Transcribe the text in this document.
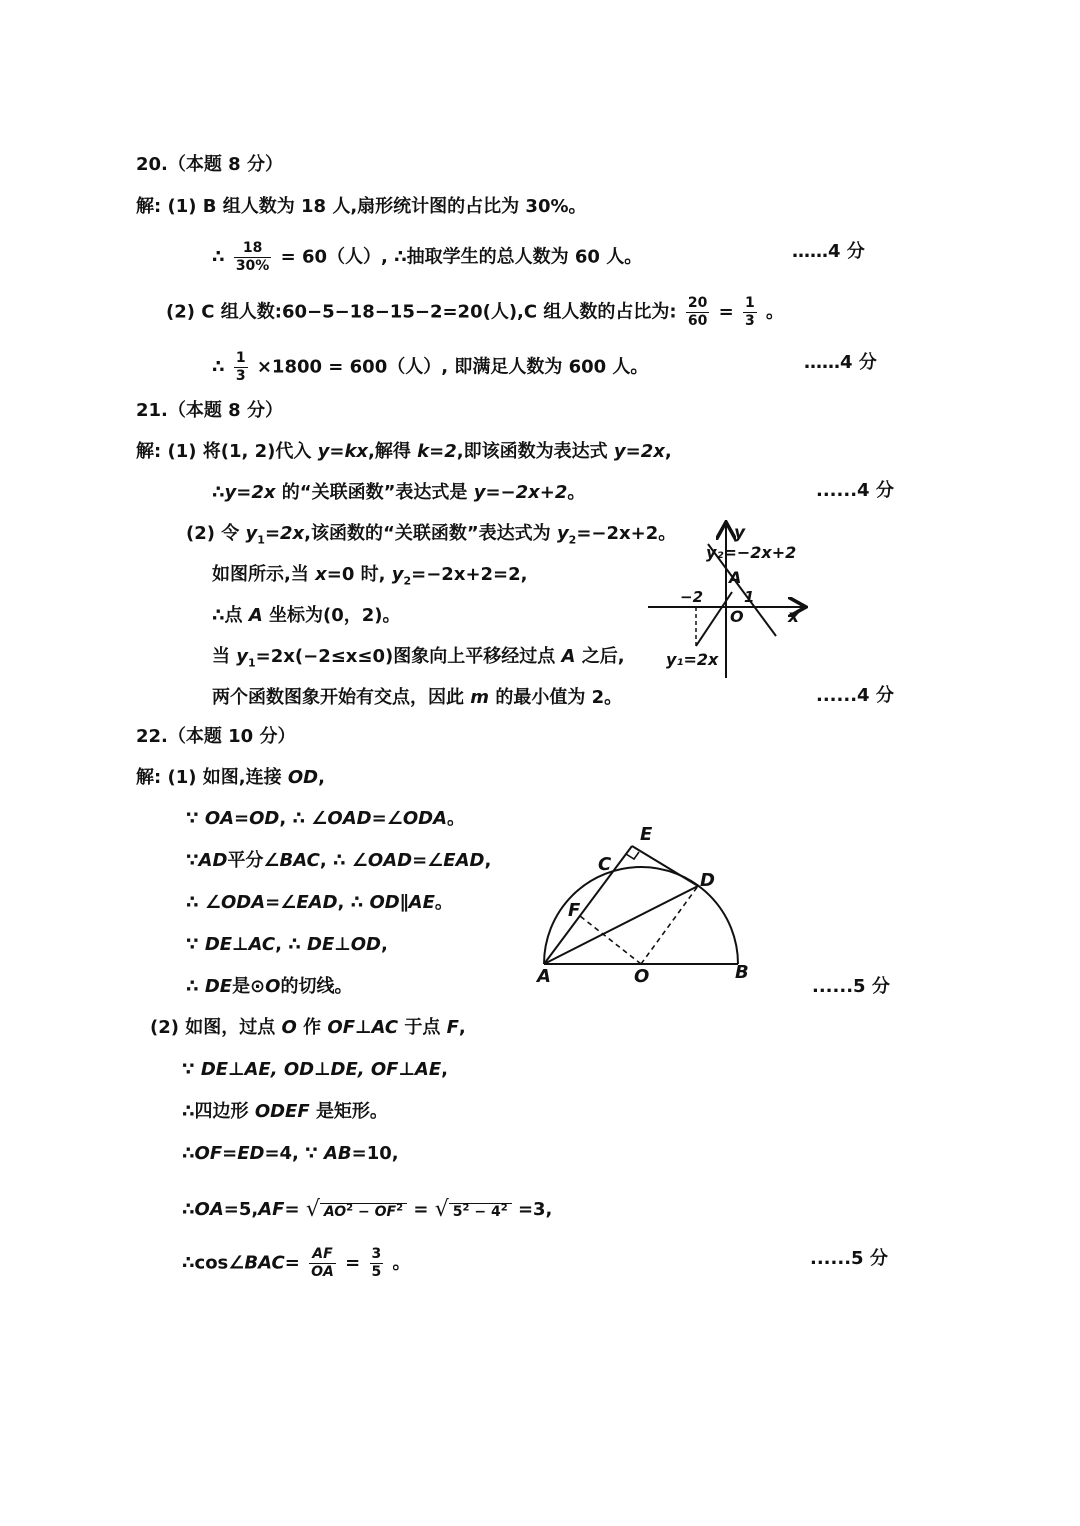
20.（本题 8 分）
解: (1) B 组人数为 18 人,扇形统计图的占比为 30%。
∴ $\frac{18}{30\%} = 60$（人）, ∴抽取学生的总人数为 60 人。	……4 分
(2) C 组人数:60−5−18−15−2=20(人),C 组人数的占比为: $\frac{20}{60} = \frac{1}{3}$ 。
∴ $\frac{1}{3} \times 1800 = 600$（人）, 即满足人数为 600 人。	……4 分
21.（本题 8 分）
解: (1) 将(1, 2)代入 y=kx,解得 k=2,即该函数为表达式 y=2x,
∴y=2x 的“关联函数”表达式是 y=−2x+2。	......4 分
(2) 令 $y_1=2x$,该函数的“关联函数”表达式为 $y_2=-2x+2$。
如图所示,当 x=0 时, $y_2=-2x+2=2$,
∴点 A 坐标为(0，2)。
当 $y_1=2x(-2\le x\le 0)$图象向上平移经过点 A 之后,
两个函数图象开始有交点，因此 m 的最小值为 2。	......4 分
y
y₂=−2x+2
A
−2	1
O	x
y₁=2x
22.（本题 10 分）
解: (1) 如图,连接 OD,
∵ OA=OD, ∴ ∠OAD=∠ODA。
∵AD平分∠BAC, ∴ ∠OAD=∠EAD,
∴ ∠ODA=∠EAD, ∴ OD∥AE。
∵ DE⊥AC, ∴ DE⊥OD,
∴ DE是⊙O的切线。	......5 分
E
C
D
F
A	O	B
(2) 如图，过点 O 作 OF⊥AC 于点 F,
∵ DE⊥AE, OD⊥DE, OF⊥AE,
∴四边形 ODEF 是矩形。
∴OF=ED=4, ∵ AB=10,
∴OA=5,AF= √ $AO^2 - OF^2$ = √ $5^2 - 4^2 =3$,
∴cos∠BAC= $\frac{AF}{OA} = \frac{3}{5}$ 。	......5 分
